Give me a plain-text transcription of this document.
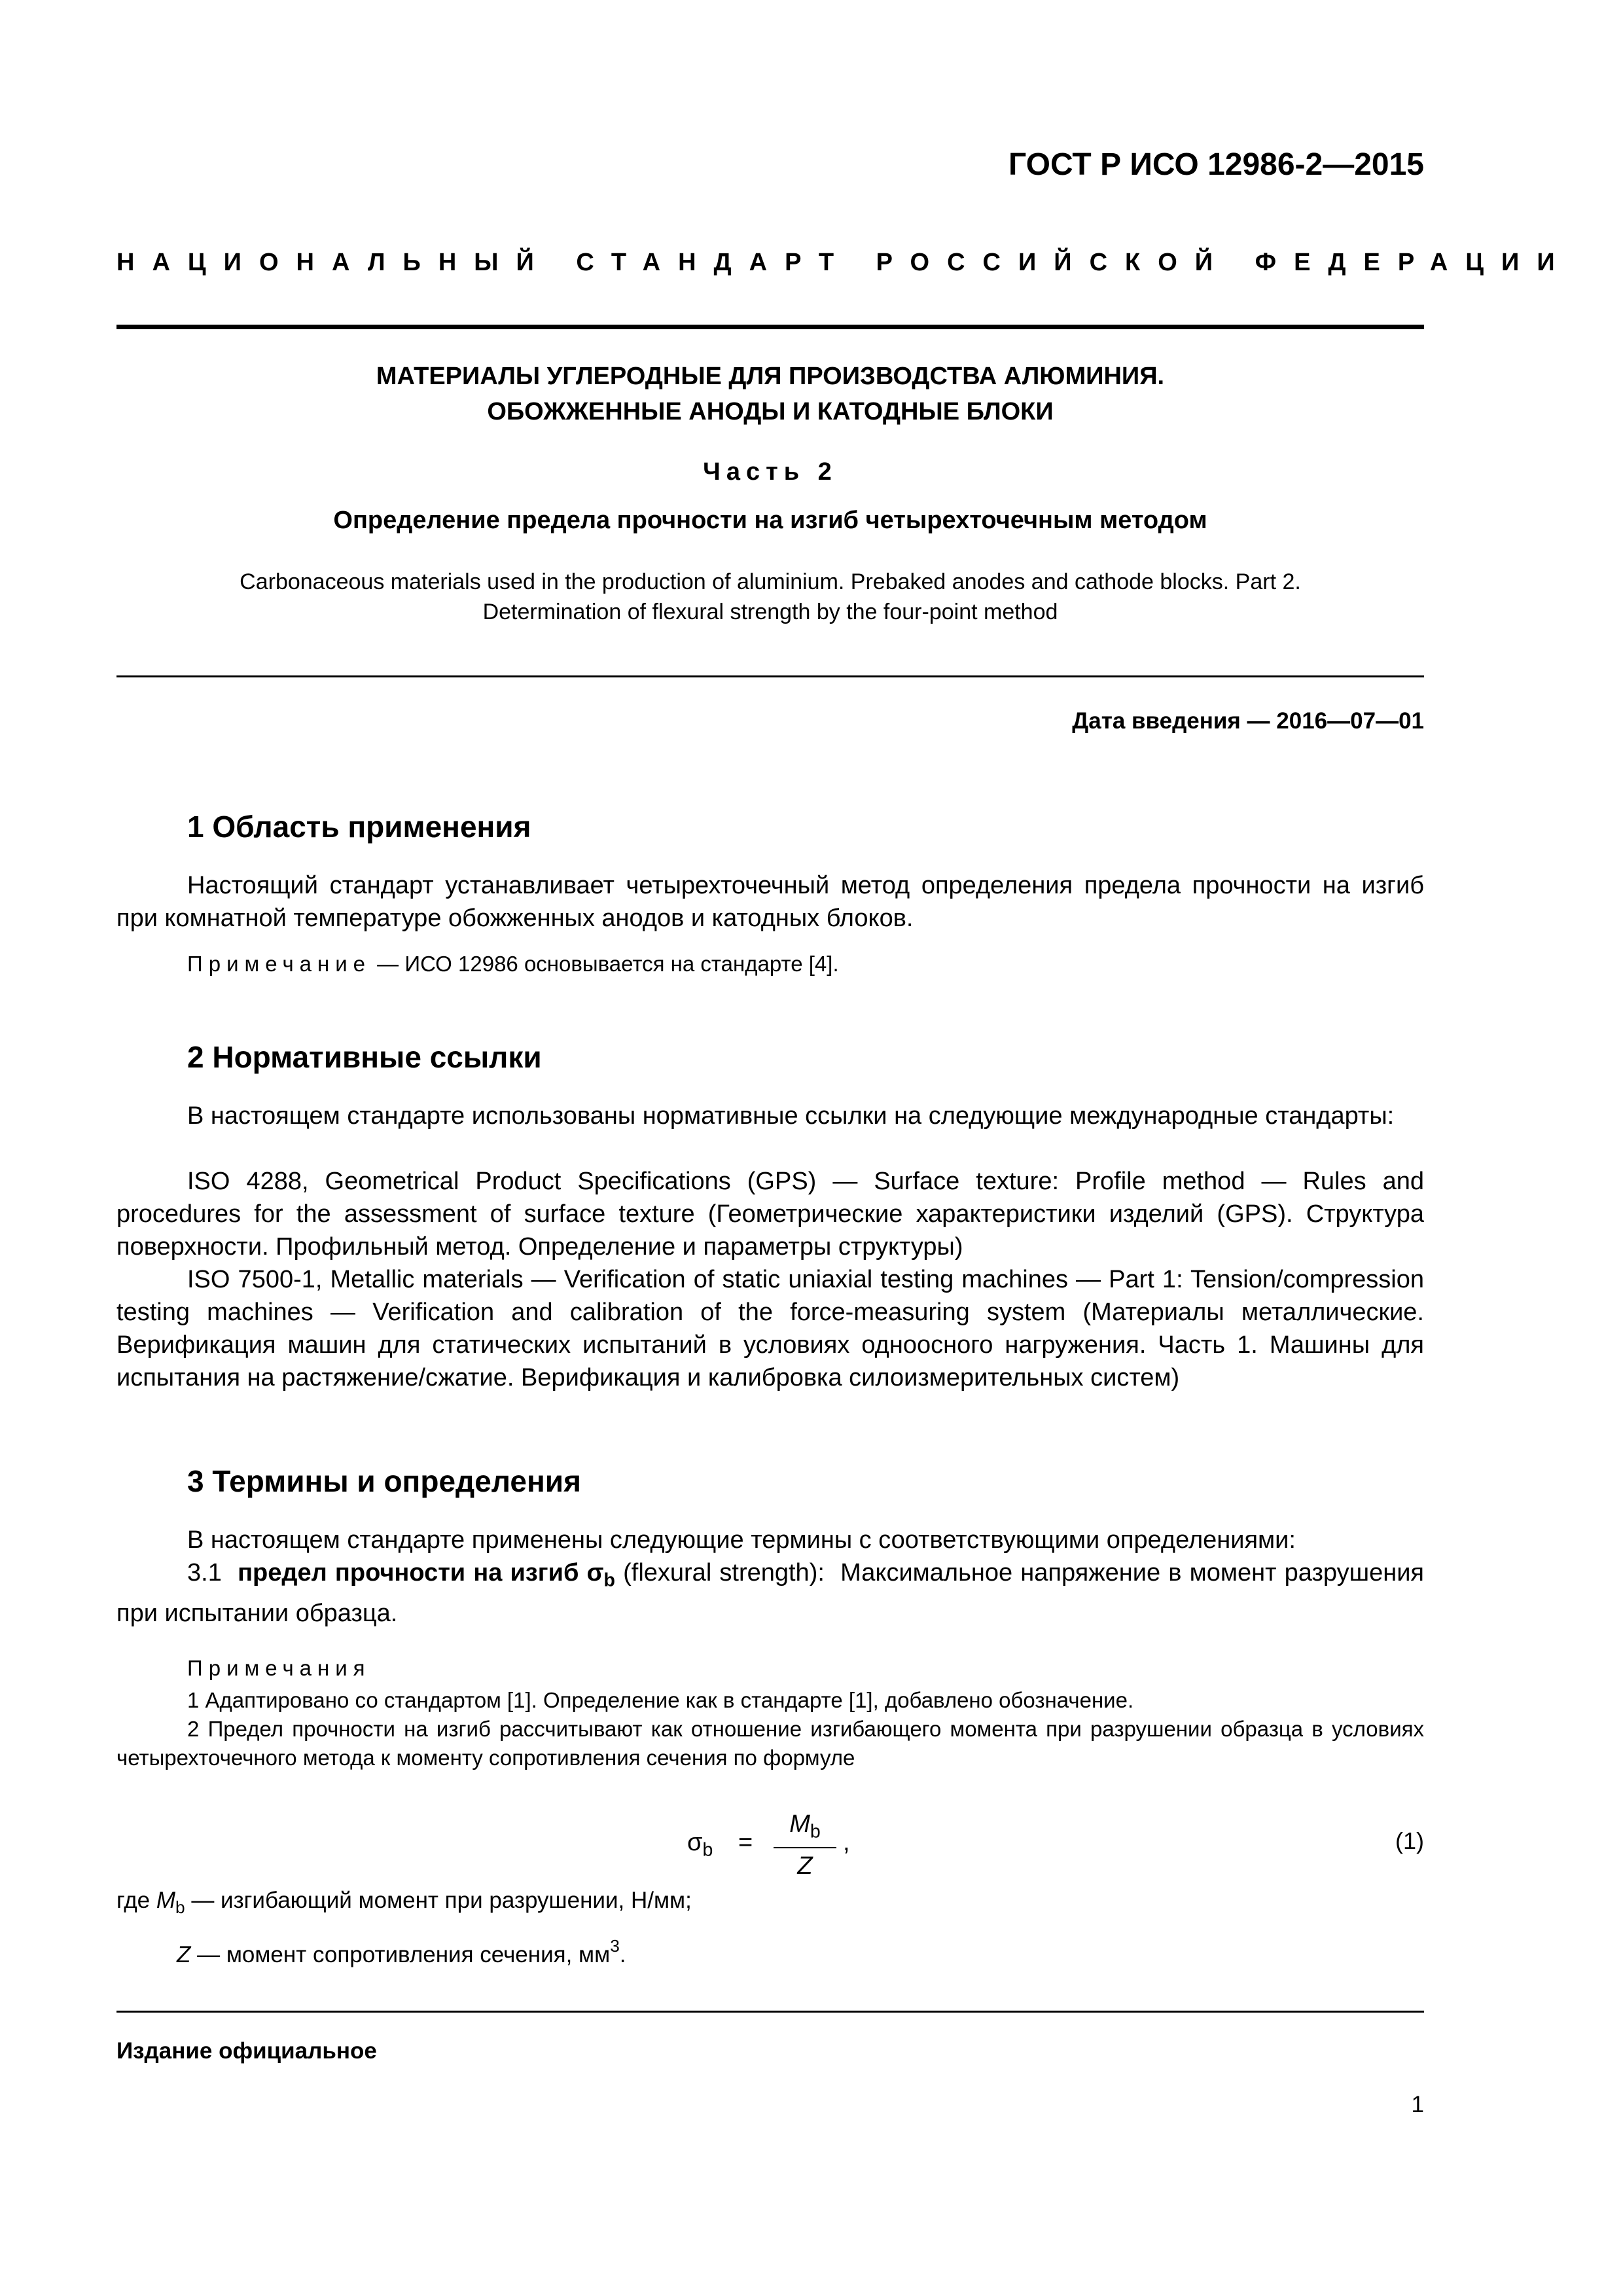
ГОСТ Р ИСО 12986-2—2015
НАЦИОНАЛЬНЫЙ СТАНДАРТ РОССИЙСКОЙ ФЕДЕРАЦИИ
МАТЕРИАЛЫ УГЛЕРОДНЫЕ ДЛЯ ПРОИЗВОДСТВА АЛЮМИНИЯ.
ОБОЖЖЕННЫЕ АНОДЫ И КАТОДНЫЕ БЛОКИ
Часть 2
Определение предела прочности на изгиб четырехточечным методом
Carbonaceous materials used in the production of aluminium. Prebaked anodes and cathode blocks. Part 2.
Determination of flexural strength by the four-point method
Дата введения — 2016—07—01
1 Область применения
Настоящий стандарт устанавливает четырехточечный метод определения предела прочности на изгиб при комнатной температуре обожженных анодов и катодных блоков.
Примечание — ИСО 12986 основывается на стандарте [4].
2 Нормативные ссылки
В настоящем стандарте использованы нормативные ссылки на следующие международные стандарты:
ISO 4288, Geometrical Product Specifications (GPS) — Surface texture: Profile method — Rules and procedures for the assessment of surface texture (Геометрические характеристики изделий (GPS). Структура поверхности. Профильный метод. Определение и параметры структуры)
ISO 7500-1, Metallic materials — Verification of static uniaxial testing machines — Part 1: Tension/compression testing machines — Verification and calibration of the force-measuring system (Материалы металлические. Верификация машин для статических испытаний в условиях одноосного нагружения. Часть 1. Машины для испытания на растяжение/сжатие. Верификация и калибровка силоизмерительных систем)
3 Термины и определения
В настоящем стандарте применены следующие термины с соответствующими определениями:
3.1 предел прочности на изгиб $\sigma_b$ (flexural strength): Максимальное напряжение в момент разрушения при испытании образца.
Примечания
1 Адаптировано со стандартом [1]. Определение как в стандарте [1], добавлено обозначение.
2 Предел прочности на изгиб рассчитывают как отношение изгибающего момента при разрушении образца в условиях четырехточечного метода к моменту сопротивления сечения по формуле
$\sigma_b$ =
$M_b$
Z
,	(1)
где $M_b$ — изгибающий момент при разрушении, Н/мм;
Z — момент сопротивления сечения, $мм^3$.
Издание официальное
1
